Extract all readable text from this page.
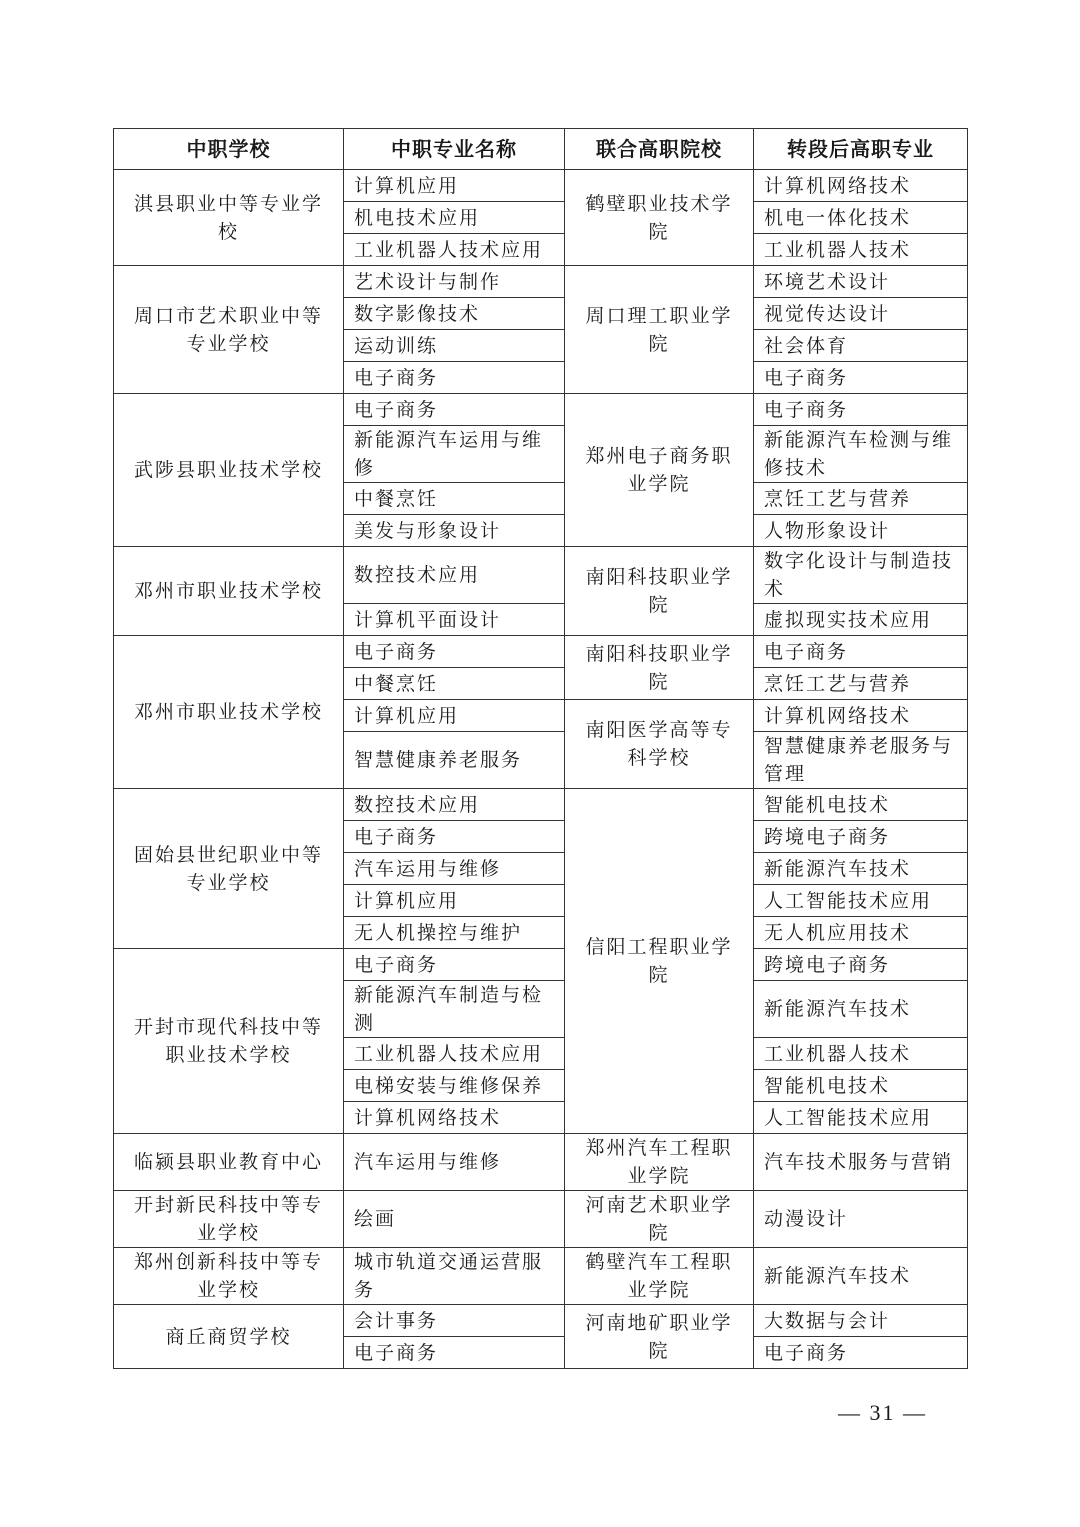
中职学校	中职专业名称	联合高职院校	转段后高职专业
淇县职业中等专业学校	计算机应用	鹤壁职业技术学院	计算机网络技术
	机电技术应用		机电一体化技术
	工业机器人技术应用		工业机器人技术
周口市艺术职业中等专业学校	艺术设计与制作	周口理工职业学院	环境艺术设计
	数字影像技术		视觉传达设计
	运动训练		社会体育
	电子商务		电子商务
武陟县职业技术学校	电子商务	郑州电子商务职业学院	电子商务
	新能源汽车运用与维修		新能源汽车检测与维修技术
	中餐烹饪		烹饪工艺与营养
	美发与形象设计		人物形象设计
邓州市职业技术学校	数控技术应用	南阳科技职业学院	数字化设计与制造技术
	计算机平面设计		虚拟现实技术应用
邓州市职业技术学校	电子商务	南阳科技职业学院	电子商务
	中餐烹饪		烹饪工艺与营养
	计算机应用	南阳医学高等专科学校	计算机网络技术
	智慧健康养老服务		智慧健康养老服务与管理
固始县世纪职业中等专业学校	数控技术应用	信阳工程职业学院	智能机电技术
	电子商务		跨境电子商务
	汽车运用与维修		新能源汽车技术
	计算机应用		人工智能技术应用
	无人机操控与维护		无人机应用技术
开封市现代科技中等职业技术学校	电子商务		跨境电子商务
	新能源汽车制造与检测		新能源汽车技术
	工业机器人技术应用		工业机器人技术
	电梯安装与维修保养		智能机电技术
	计算机网络技术		人工智能技术应用
临颍县职业教育中心	汽车运用与维修	郑州汽车工程职业学院	汽车技术服务与营销
开封新民科技中等专业学校	绘画	河南艺术职业学院	动漫设计
郑州创新科技中等专业学校	城市轨道交通运营服务	鹤壁汽车工程职业学院	新能源汽车技术
商丘商贸学校	会计事务	河南地矿职业学院	大数据与会计
	电子商务		电子商务
— 31 —
